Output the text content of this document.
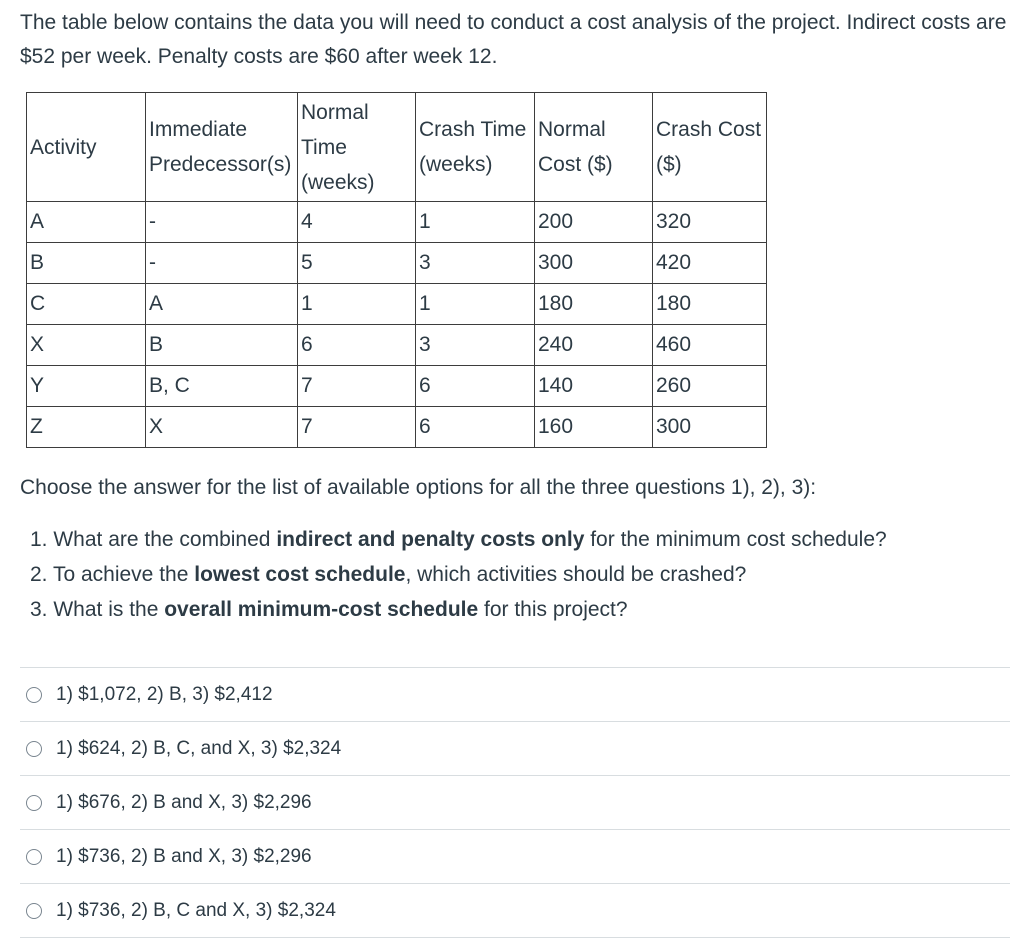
The table below contains the data you will need to conduct a cost analysis of the project. Indirect costs are $52 per week. Penalty costs are $60 after week 12.

Activity	Immediate Predecessor(s)	Normal Time (weeks)	Crash Time (weeks)	Normal Cost ($)	Crash Cost ($)
A	-	4	1	200	320
B	-	5	3	300	420
C	A	1	1	180	180
X	B	6	3	240	460
Y	B, C	7	6	140	260
Z	X	7	6	160	300

Choose the answer for the list of available options for all the three questions 1), 2), 3):

1. What are the combined indirect and penalty costs only for the minimum cost schedule?
2. To achieve the lowest cost schedule, which activities should be crashed?
3. What is the overall minimum-cost schedule for this project?
1) $1,072, 2) B, 3) $2,412
1) $624, 2) B, C, and X, 3) $2,324
1) $676, 2) B and X, 3) $2,296
1) $736, 2) B and X, 3) $2,296
1) $736, 2) B, C and X, 3) $2,324
